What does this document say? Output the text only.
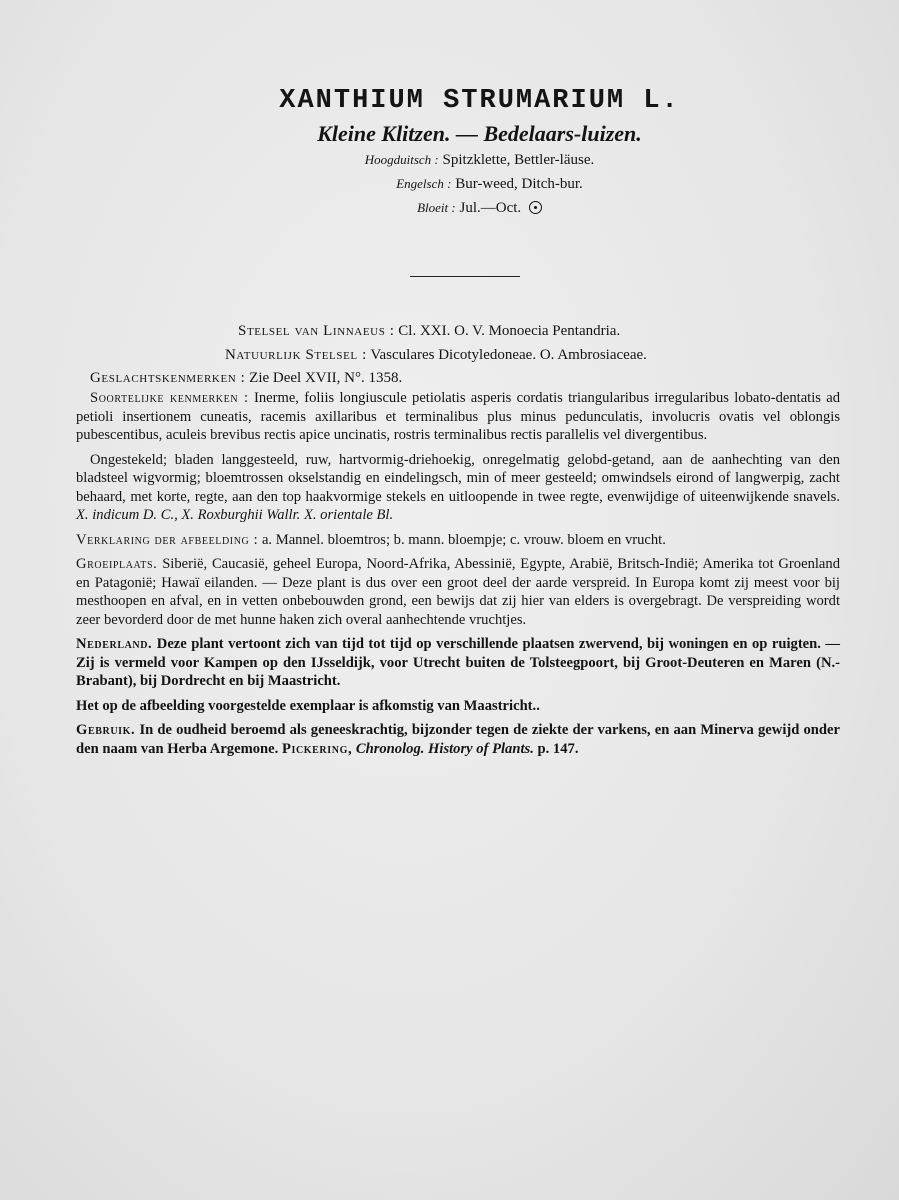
XANTHIUM STRUMARIUM L.
Kleine Klitzen. — Bedelaars-luizen.
Hoogduitsch : Spitzklette, Bettler-läuse.
Engelsch : Bur-weed, Ditch-bur.
Bloeit : Jul.—Oct.
Stelsel van Linnaeus : Cl. XXI. O. V. Monoecia Pentandria.
Natuurlijk Stelsel : Vasculares Dicotyledoneae. O. Ambrosiaceae.
Geslachtskenmerken : Zie Deel XVII, N°. 1358.

Soortelijke kenmerken : Inerme, foliis longiuscule petiolatis asperis cordatis triangularibus irregularibus lobato-dentatis ad petioli insertionem cuneatis, racemis axillaribus et terminalibus plus minus pedunculatis, involucris ovatis vel oblongis pubescentibus, aculeis brevibus rectis apice uncinatis, rostris terminalibus rectis parallelis vel divergentibus.

Ongestekeld; bladen langgesteeld, ruw, hartvormig-driehoekig, onregelmatig gelobd-getand, aan de aanhechting van den bladsteel wigvormig; bloemtrossen okselstandig en eindelingsch, min of meer gesteeld; omwindsels eirond of langwerpig, zacht behaard, met korte, regte, aan den top haakvormige stekels en uitloopende in twee regte, evenwijdige of uiteenwijkende snavels. X. indicum D. C., X. Roxburghii Wallr. X. orientale Bl.

Verklaring der afbeelding : a. Mannel. bloemtros; b. mann. bloempje; c. vrouw. bloem en vrucht.

Groeiplaats. Siberië, Caucasië, geheel Europa, Noord-Afrika, Abessinië, Egypte, Arabië, Britsch-Indië; Amerika tot Groenland en Patagonië; Hawaï eilanden. — Deze plant is dus over een groot deel der aarde verspreid. In Europa komt zij meest voor bij mesthoopen en afval, en in vetten onbebouwden grond, een bewijs dat zij hier van elders is overgebragt. De verspreiding wordt zeer bevorderd door de met hunne haken zich overal aanhechtende vruchtjes.

Nederland. Deze plant vertoont zich van tijd tot tijd op verschillende plaatsen zwervend, bij woningen en op ruigten. — Zij is vermeld voor Kampen op den IJsseldijk, voor Utrecht buiten de Tolsteegpoort, bij Groot-Deuteren en Maren (N.-Brabant), bij Dordrecht en bij Maastricht.

Het op de afbeelding voorgestelde exemplaar is afkomstig van Maastricht..

Gebruik. In de oudheid beroemd als geneeskrachtig, bijzonder tegen de ziekte der varkens, en aan Minerva gewijd onder den naam van Herba Argemone. Pickering, Chronolog. History of Plants. p. 147.
